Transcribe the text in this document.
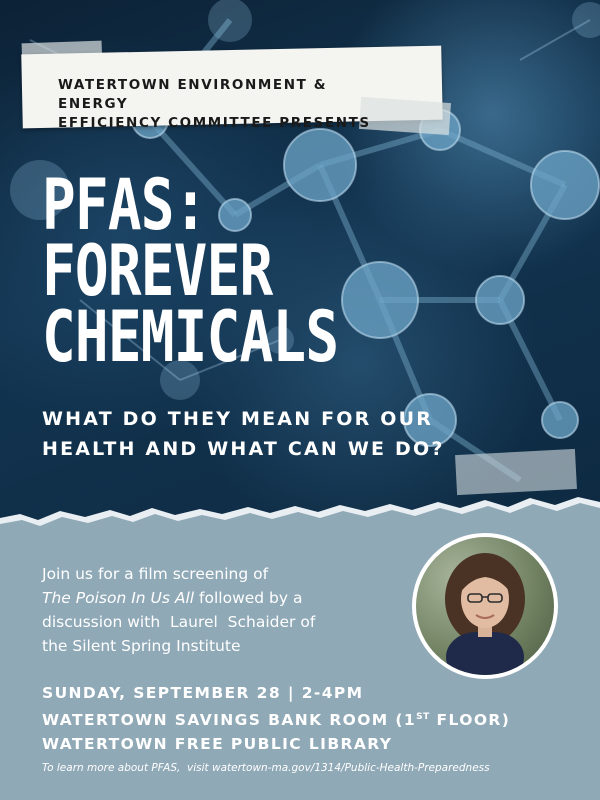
WATERTOWN ENVIRONMENT & ENERGY
EFFICIENCY COMMITTEE PRESENTS
PFAS:
FOREVER
CHEMICALS
WHAT DO THEY MEAN FOR OUR
HEALTH AND WHAT CAN WE DO?
Join us for a film screening of
The Poison In Us All followed by a
discussion with  Laurel  Schaider of
the Silent Spring Institute
SUNDAY, SEPTEMBER 28 | 2-4PM
WATERTOWN SAVINGS BANK ROOM (1ST FLOOR)
WATERTOWN FREE PUBLIC LIBRARY
To learn more about PFAS,  visit watertown-ma.gov/1314/Public-Health-Preparedness
